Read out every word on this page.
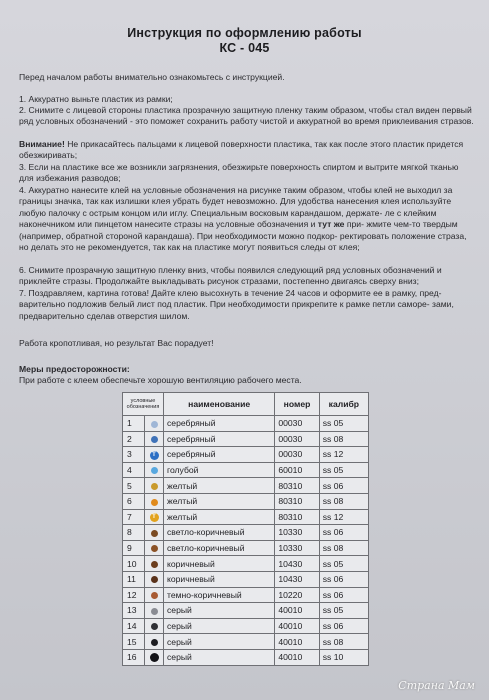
Инструкция по оформлению работы
КС - 045

Перед началом работы внимательно ознакомьтесь с инструкцией.

1. Аккуратно выньте пластик из рамки;

2. Снимите с лицевой стороны пластика прозрачную защитную пленку таким образом, чтобы стал виден первый ряд условных обозначений - это поможет сохранить работу чистой и аккуратной во время приклеивания стразов.

Внимание! Не прикасайтесь пальцами к лицевой поверхности пластика, так как после этого пластик придется обезжиривать;

3. Если на пластике все же возникли загрязнения, обезжирьте поверхность спиртом и вытрите мягкой тканью для избежания разводов;

4. Аккуратно нанесите клей на условные обозначения на рисунке таким образом, чтобы клей не выходил за границы значка, так как излишки клея убрать будет невозможно. Для удобства нанесения клея используйте любую палочку с острым концом или иглу. Специальным восковым карандашом, держате- ле с клейким наконечником или пинцетом нанесите стразы на условные обозначения и тут же при- жмите чем-то твердым (например, обратной стороной карандаша). При необходимости можно подкор- ректировать положение страза, но делать это не рекомендуется, так как на пластике могут появиться следы от клея;

6. Снимите прозрачную защитную пленку вниз, чтобы появился следующий ряд условных обозначений и приклейте стразы. Продолжайте выкладывать рисунок стразами, постепенно двигаясь сверху вниз;

7. Поздравляем, картина готова! Дайте клею высохнуть в течение 24 часов и оформите ее в рамку, пред- варительно подложив белый лист под пластик. При необходимости прикрепите к рамке петли саморе- зами, предварительно сделав отверстия шилом.

Работа кропотливая, но результат Вас порадует!

Меры предосторожности:

При работе с клеем обеспечьте хорошую вентиляцию рабочего места.

условные обозначения		наименование	номер	калибр
1		серебряный	00030	ss 05
2		серебряный	00030	ss 08
3	T	серебряный	00030	ss 12
4		голубой	60010	ss 05
5		желтый	80310	ss 06
6		желтый	80310	ss 08
7	T	желтый	80310	ss 12
8		светло-коричневый	10330	ss 06
9		светло-коричневый	10330	ss 08
10		коричневый	10430	ss 05
11		коричневый	10430	ss 06
12		темно-коричневый	10220	ss 06
13		серый	40010	ss 05
14		серый	40010	ss 06
15		серый	40010	ss 08
16		серый	40010	ss 10
Страна Мам
